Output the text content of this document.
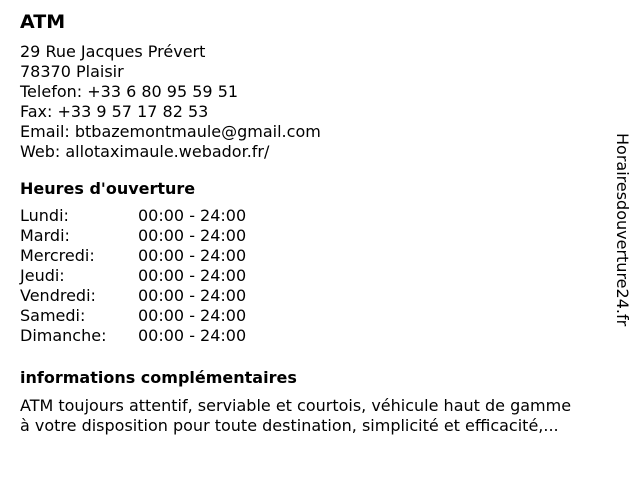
ATM
29 Rue Jacques Prévert
78370 Plaisir
Telefon: +33 6 80 95 59 51
Fax: +33 9 57 17 82 53
Email: btbazemontmaule@gmail.com
Web: allotaximaule.webador.fr/
Heures d'ouverture
Lundi:	00:00 - 24:00
Mardi:	00:00 - 24:00
Mercredi:	00:00 - 24:00
Jeudi:	00:00 - 24:00
Vendredi:	00:00 - 24:00
Samedi:	00:00 - 24:00
Dimanche:	00:00 - 24:00
informations complémentaires
ATM toujours attentif, serviable et courtois, véhicule haut de gamme
à votre disposition pour toute destination, simplicité et efficacité,...
Horairesdouverture24.fr
